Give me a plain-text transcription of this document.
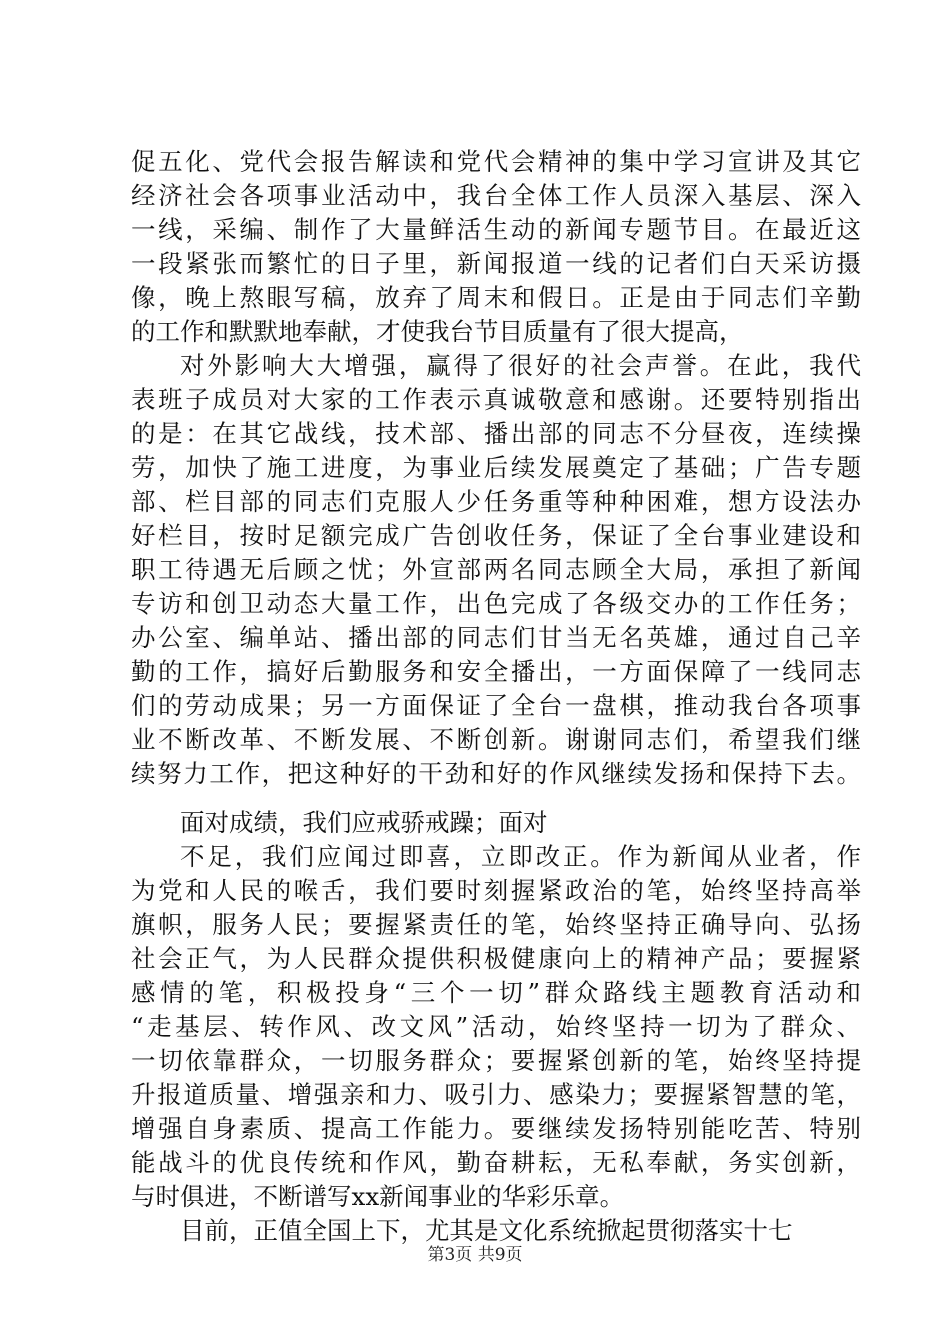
促五化、党代会报告解读和党代会精神的集中学习宣讲及其它
经济社会各项事业活动中，我台全体工作人员深入基层、深入
一线，采编、制作了大量鲜活生动的新闻专题节目。在最近这
一段紧张而繁忙的日子里，新闻报道一线的记者们白天采访摄
像，晚上熬眼写稿，放弃了周末和假日。正是由于同志们辛勤
的工作和默默地奉献，才使我台节目质量有了很大提高，
对外影响大大增强，赢得了很好的社会声誉。在此，我代
表班子成员对大家的工作表示真诚敬意和感谢。还要特别指出
的是：在其它战线，技术部、播出部的同志不分昼夜，连续操
劳，加快了施工进度，为事业后续发展奠定了基础；广告专题
部、栏目部的同志们克服人少任务重等种种困难，想方设法办
好栏目，按时足额完成广告创收任务，保证了全台事业建设和
职工待遇无后顾之忧；外宣部两名同志顾全大局，承担了新闻
专访和创卫动态大量工作，出色完成了各级交办的工作任务；
办公室、编单站、播出部的同志们甘当无名英雄，通过自己辛
勤的工作，搞好后勤服务和安全播出，一方面保障了一线同志
们的劳动成果；另一方面保证了全台一盘棋，推动我台各项事
业不断改革、不断发展、不断创新。谢谢同志们，希望我们继
续努力工作，把这种好的干劲和好的作风继续发扬和保持下去。
面对成绩，我们应戒骄戒躁；面对
不足，我们应闻过即喜，立即改正。作为新闻从业者，作
为党和人民的喉舌，我们要时刻握紧政治的笔，始终坚持高举
旗帜，服务人民；要握紧责任的笔，始终坚持正确导向、弘扬
社会正气，为人民群众提供积极健康向上的精神产品；要握紧
感情的笔，积极投身“三个一切”群众路线主题教育活动和
“走基层、转作风、改文风”活动，始终坚持一切为了群众、
一切依靠群众，一切服务群众；要握紧创新的笔，始终坚持提
升报道质量、增强亲和力、吸引力、感染力；要握紧智慧的笔，
增强自身素质、提高工作能力。要继续发扬特别能吃苦、特别
能战斗的优良传统和作风，勤奋耕耘，无私奉献，务实创新，
与时俱进，不断谱写xx新闻事业的华彩乐章。
目前，正值全国上下，尤其是文化系统掀起贯彻落实十七
第3页 共9页
